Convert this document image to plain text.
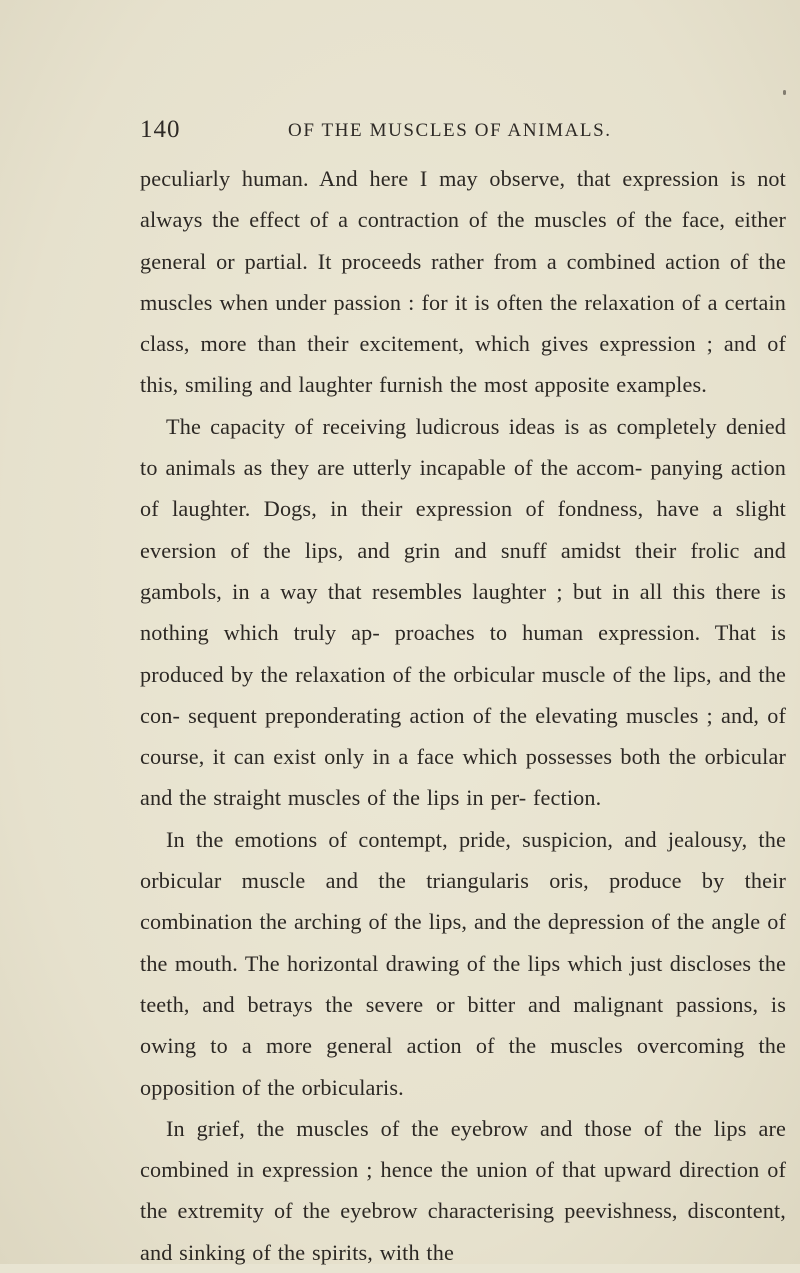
140	OF THE MUSCLES OF ANIMALS.

peculiarly human. And here I may observe, that expression is not always the effect of a contraction of the muscles of the face, either general or partial. It proceeds rather from a combined action of the muscles when under passion : for it is often the relaxation of a certain class, more than their excitement, which gives expression ; and of this, smiling and laughter furnish the most apposite examples.

The capacity of receiving ludicrous ideas is as completely denied to animals as they are utterly incapable of the accom- panying action of laughter. Dogs, in their expression of fondness, have a slight eversion of the lips, and grin and snuff amidst their frolic and gambols, in a way that resembles laughter ; but in all this there is nothing which truly ap- proaches to human expression. That is produced by the relaxation of the orbicular muscle of the lips, and the con- sequent preponderating action of the elevating muscles ; and, of course, it can exist only in a face which possesses both the orbicular and the straight muscles of the lips in per- fection.

In the emotions of contempt, pride, suspicion, and jealousy, the orbicular muscle and the triangularis oris, produce by their combination the arching of the lips, and the depression of the angle of the mouth. The horizontal drawing of the lips which just discloses the teeth, and betrays the severe or bitter and malignant passions, is owing to a more general action of the muscles overcoming the opposition of the orbicularis.

In grief, the muscles of the eyebrow and those of the lips are combined in expression ; hence the union of that upward direction of the extremity of the eyebrow characterising peevishness, discontent, and sinking of the spirits, with the
